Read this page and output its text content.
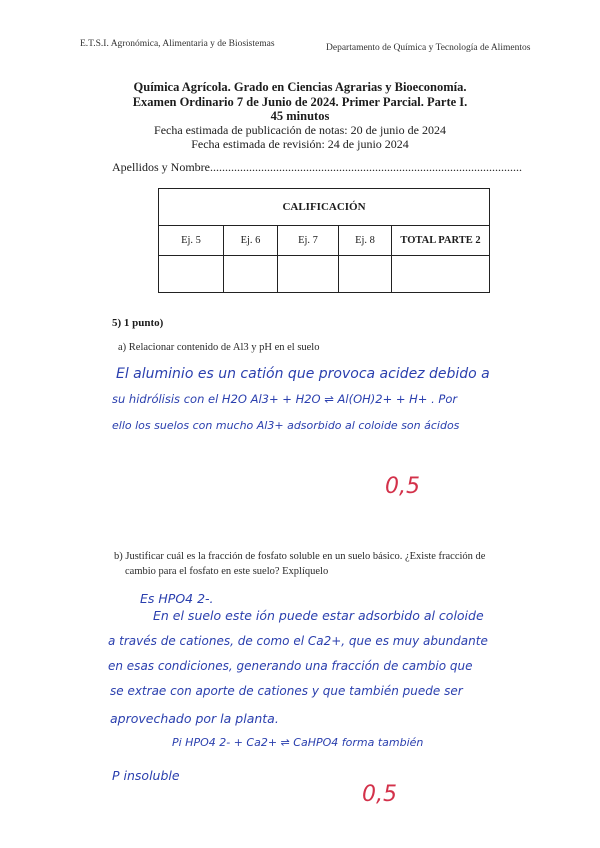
E.T.S.I. Agronómica, Alimentaria y de Biosistemas	Departamento de Química y Tecnología de Alimentos
Química Agrícola. Grado en Ciencias Agrarias y Bioeconomía.
Examen Ordinario 7 de Junio de 2024. Primer Parcial. Parte I.
45 minutos
Fecha estimada de publicación de notas: 20 de junio de 2024
Fecha estimada de revisión: 24 de junio 2024
Apellidos y Nombre........................................................................................................
CALIFICACIÓN				
Ej. 5	Ej. 6	Ej. 7	Ej. 8	TOTAL PARTE 2

5) 1 punto)
a) Relacionar contenido de Al3 y pH en el suelo
El aluminio es un catión que provoca acidez debido a
su hidrólisis con el H2O Al3+ + H2O ⇌ Al(OH)2+ + H+ . Por
ello los suelos con mucho Al3+ adsorbido al coloide son ácidos
0,5
b) Justificar cuál es la fracción de fosfato soluble en un suelo básico. ¿Existe fracción de
cambio para el fosfato en este suelo? Explíquelo
Es HPO4 2-.
En el suelo este ión puede estar adsorbido al coloide
a través de cationes, de como el Ca2+, que es muy abundante
en esas condiciones, generando una fracción de cambio que
se extrae con aporte de cationes y que también puede ser
aprovechado por la planta.
Pi HPO4 2- + Ca2+ ⇌ CaHPO4 forma también
P insoluble
0,5
